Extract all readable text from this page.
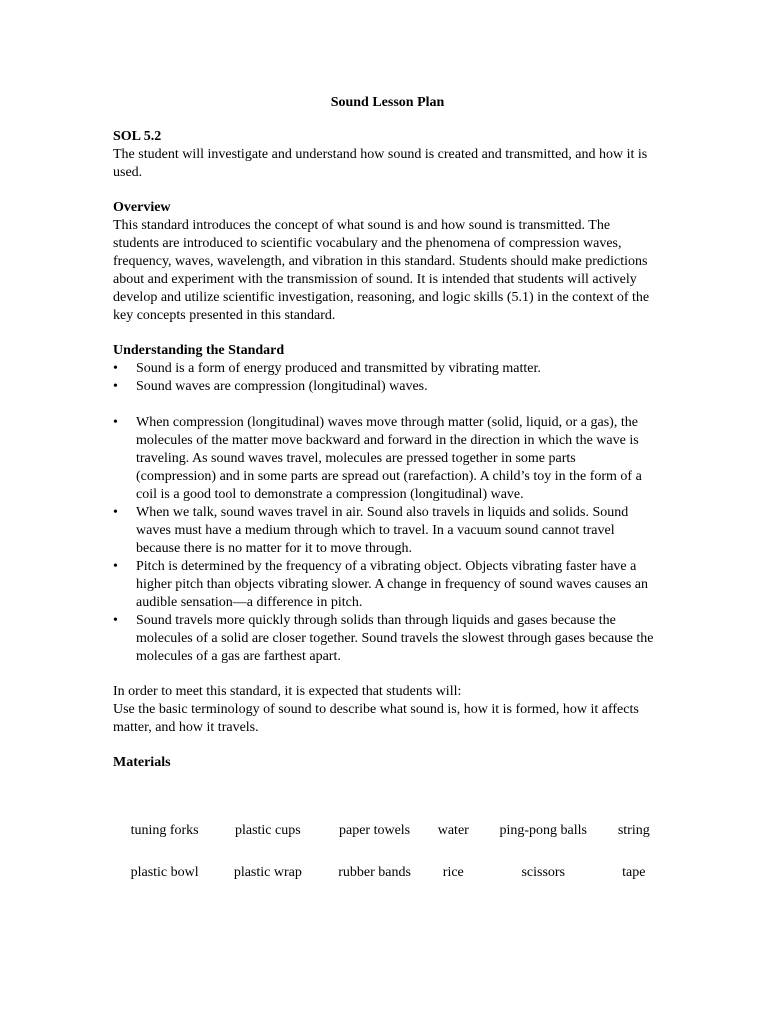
Sound Lesson Plan

SOL 5.2

The student will investigate and understand how sound is created and transmitted, and how it is used.

Overview

This standard introduces the concept of what sound is and how sound is transmitted. The students are introduced to scientific vocabulary and the phenomena of compression waves, frequency, waves, wavelength, and vibration in this standard. Students should make predictions about and experiment with the transmission of sound. It is intended that students will actively develop and utilize scientific investigation, reasoning, and logic skills (5.1) in the context of the key concepts presented in this standard.

Understanding the Standard

• Sound is a form of energy produced and transmitted by vibrating matter.
• Sound waves are compression (longitudinal) waves.
• When compression (longitudinal) waves move through matter (solid, liquid, or a gas), the molecules of the matter move backward and forward in the direction in which the wave is traveling. As sound waves travel, molecules are pressed together in some parts (compression) and in some parts are spread out (rarefaction). A child’s toy in the form of a coil is a good tool to demonstrate a compression (longitudinal) wave.
• When we talk, sound waves travel in air. Sound also travels in liquids and solids. Sound waves must have a medium through which to travel. In a vacuum sound cannot travel because there is no matter for it to move through.
• Pitch is determined by the frequency of a vibrating object. Objects vibrating faster have a higher pitch than objects vibrating slower. A change in frequency of sound waves causes an audible sensation—a difference in pitch.
• Sound travels more quickly through solids than through liquids and gases because the molecules of a solid are closer together. Sound travels the slowest through gases because the molecules of a gas are farthest apart.

In order to meet this standard, it is expected that students will:

Use the basic terminology of sound to describe what sound is, how it is formed, how it affects matter, and how it travels.

Materials

tuning forks	plastic cups	paper towels	water	ping-pong balls	string
plastic bowl	plastic wrap	rubber bands	rice	scissors	tape
